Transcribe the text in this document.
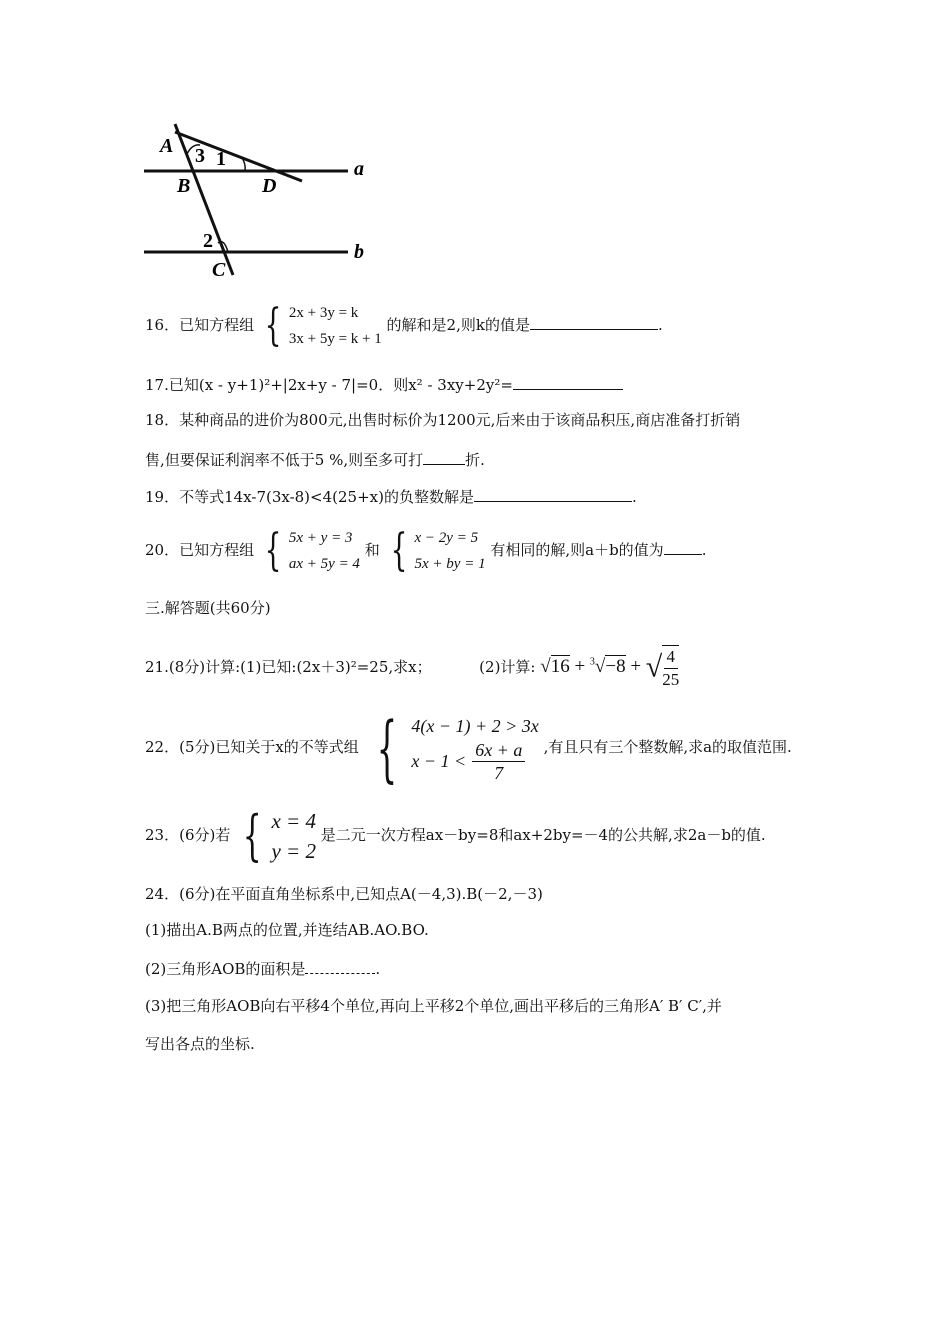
A 3 1
B	D
a
2
C
b
16．已知方程组 { 2x + 3y = k
3x + 5y = k + 1
的解和是2,则k的值是	.
17.已知(x - y+1)²+|2x+y - 7|=0．则x² - 3xy+2y²=
18．某种商品的进价为800元,出售时标价为1200元,后来由于该商品积压,商店准备打折销
售,但要保证利润率不低于5 %,则至多可打	折.
19．不等式14x-7(3x-8)<4(25+x)的负整数解是	.
20．已知方程组 { 5x + y = 3
ax + 5y = 4
和 { x − 2y = 5
5x + by = 1
有相同的解,则a＋b的值为	.
三.解答题(共60分)
21.(8分)计算:(1)已知:(2x＋3)²=25,求x；	(2)计算: √16 + $^3$√−8 + √ $\frac{4}{25}$
22．(5分)已知关于x的不等式组 { 4(x − 1) + 2 > 3x
$x - 1 < \frac{6x + a}{7}$ ,有且只有三个整数解,求a的取值范围.
23．(6分)若 { x = 4
y = 2
是二元一次方程ax－by=8和ax+2by=－4的公共解,求2a－b的值.
24．(6分)在平面直角坐标系中,已知点A(－4,3).B(－2,－3)
(1)描出A.B两点的位置,并连结AB.AO.BO.
(2)三角形AOB的面积是	.
(3)把三角形AOB向右平移4个单位,再向上平移2个单位,画出平移后的三角形A′ B′ C′,并
写出各点的坐标.
